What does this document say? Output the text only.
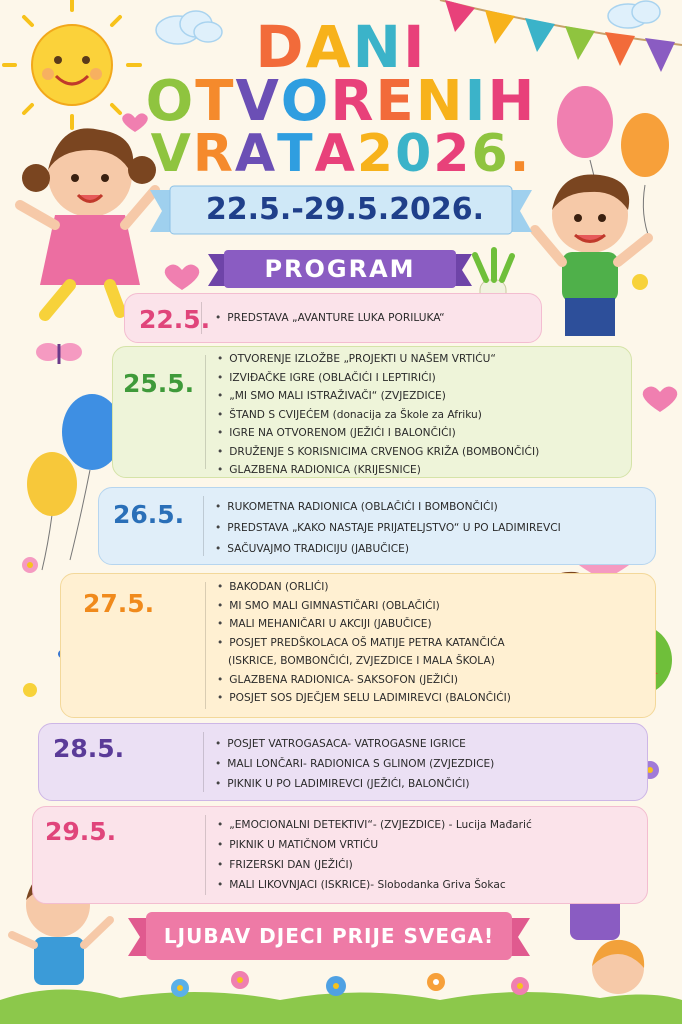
DANI
OTVORENIH
VRATA2026.
22.5.-29.5.2026.
PROGRAM
22.5.	• PREDSTAVA „AVANTURE LUKA PORILUKA“
25.5.
• OTVORENJE IZLOŽBE „PROJEKTI U NAŠEM VRTIĆU“
• IZVIĐAČKE IGRE (OBLAČIĆI I LEPTIRIĆI)
• „MI SMO MALI ISTRAŽIVAČI“ (ZVJEZDICE)
• ŠTAND S CVIJEĆEM (donacija za Škole za Afriku)
• IGRE NA OTVORENOM (JEŽIĆI I BALONČIĆI)
• DRUŽENJE S KORISNICIMA CRVENOG KRIŽA (BOMBONČIĆI)
• GLAZBENA RADIONICA (KRIJESNICE)
26.5.	• RUKOMETNA RADIONICA (OBLAČIĆI I BOMBONČIĆI)
• PREDSTAVA „KAKO NASTAJE PRIJATELJSTVO“ U PO LADIMIREVCI
• SAČUVAJMO TRADICIJU (JABUČICE)
27.5.
• BAKODAN (ORLIĆI)
• MI SMO MALI GIMNASTIČARI (OBLAČIĆI)
• MALI MEHANIČARI U AKCIJI (JABUČICE)
• POSJET PREDŠKOLACA OŠ MATIJE PETRA KATANČIĆA
(ISKRICE, BOMBONČIĆI, ZVJEZDICE I MALA ŠKOLA)
• GLAZBENA RADIONICA- SAKSOFON (JEŽIĆI)
• POSJET SOS DJEČJEM SELU LADIMIREVCI (BALONČIĆI)
28.5.	• POSJET VATROGASACA- VATROGASNE IGRICE
• MALI LONČARI- RADIONICA S GLINOM (ZVJEZDICE)
• PIKNIK U PO LADIMIREVCI (JEŽIĆI, BALONČIĆI)
29.5.	• „EMOCIONALNI DETEKTIVI“- (ZVJEZDICE) - Lucija Mađarić
• PIKNIK U MATIČNOM VRTIĆU
• FRIZERSKI DAN (JEŽIĆI)
• MALI LIKOVNJACI (ISKRICE)- Slobodanka Griva Šokac
LJUBAV DJECI PRIJE SVEGA!
